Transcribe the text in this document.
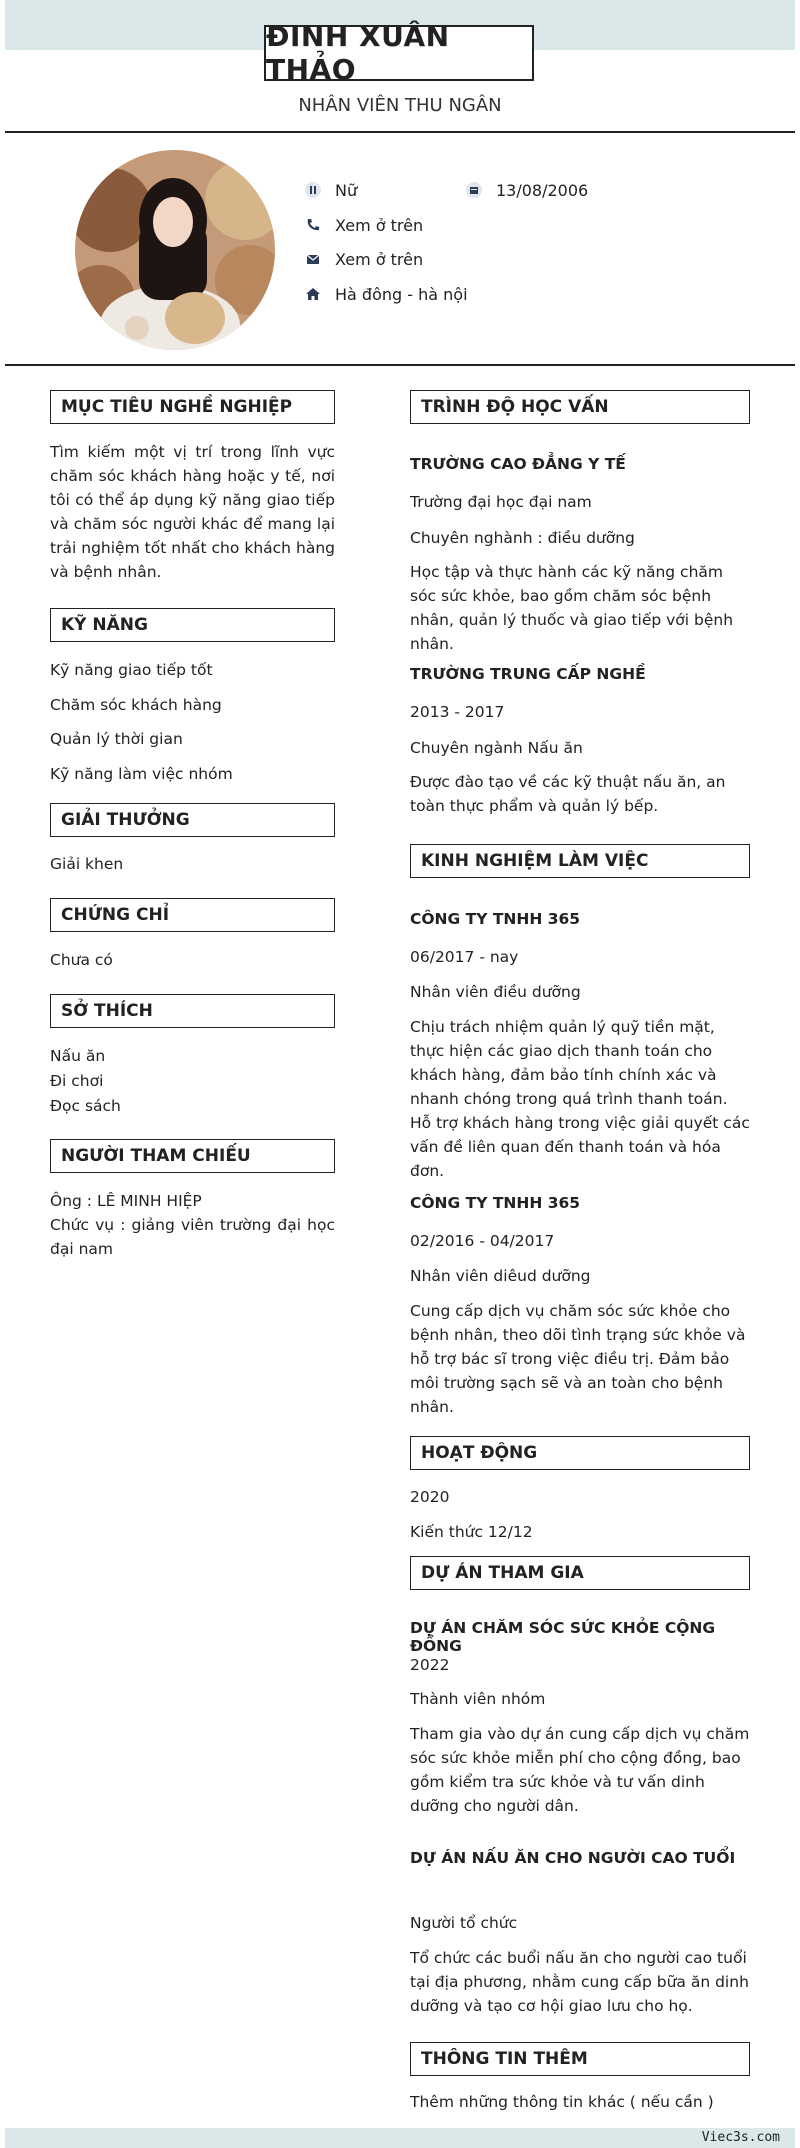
ĐINH XUÂN THẢO
NHÂN VIÊN THU NGÂN
Nữ	13/08/2006
Xem ở trên
Xem ở trên
Hà đông - hà nội
MỤC TIÊU NGHỀ NGHIỆP

Tìm kiếm một vị trí trong lĩnh vực chăm sóc khách hàng hoặc y tế, nơi tôi có thể áp dụng kỹ năng giao tiếp và chăm sóc người khác để mang lại trải nghiệm tốt nhất cho khách hàng và bệnh nhân.

KỸ NĂNG

Kỹ năng giao tiếp tốt

Chăm sóc khách hàng

Quản lý thời gian

Kỹ năng làm việc nhóm

GIẢI THƯỞNG

Giải khen

CHỨNG CHỈ

Chưa có

SỞ THÍCH

Nấu ăn

Đi chơi

Đọc sách

NGƯỜI THAM CHIẾU

Ông : LÊ MINH HIỆP

Chức vụ : giảng viên trường đại học đại nam

TRÌNH ĐỘ HỌC VẤN
TRƯỜNG CAO ĐẲNG Y TẾ

Trường đại học đại nam

Chuyên nghành : điều dưỡng

Học tập và thực hành các kỹ năng chăm sóc sức khỏe, bao gồm chăm sóc bệnh nhân, quản lý thuốc và giao tiếp với bệnh nhân.

TRƯỜNG TRUNG CẤP NGHỀ

2013 - 2017

Chuyên ngành Nấu ăn

Được đào tạo về các kỹ thuật nấu ăn, an toàn thực phẩm và quản lý bếp.

KINH NGHIỆM LÀM VIỆC
CÔNG TY TNHH 365

06/2017 - nay

Nhân viên điều dưỡng

Chịu trách nhiệm quản lý quỹ tiền mặt, thực hiện các giao dịch thanh toán cho khách hàng, đảm bảo tính chính xác và nhanh chóng trong quá trình thanh toán. Hỗ trợ khách hàng trong việc giải quyết các vấn đề liên quan đến thanh toán và hóa đơn.

CÔNG TY TNHH 365

02/2016 - 04/2017

Nhân viên diêud dưỡng

Cung cấp dịch vụ chăm sóc sức khỏe cho bệnh nhân, theo dõi tình trạng sức khỏe và hỗ trợ bác sĩ trong việc điều trị. Đảm bảo môi trường sạch sẽ và an toàn cho bệnh nhân.

HOẠT ĐỘNG

2020

Kiến thức 12/12

DỰ ÁN THAM GIA
DỰ ÁN CHĂM SÓC SỨC KHỎE CỘNG ĐỒNG

2022

Thành viên nhóm

Tham gia vào dự án cung cấp dịch vụ chăm sóc sức khỏe miễn phí cho cộng đồng, bao gồm kiểm tra sức khỏe và tư vấn dinh dưỡng cho người dân.

DỰ ÁN NẤU ĂN CHO NGƯỜI CAO TUỔI

Người tổ chức

Tổ chức các buổi nấu ăn cho người cao tuổi tại địa phương, nhằm cung cấp bữa ăn dinh dưỡng và tạo cơ hội giao lưu cho họ.

THÔNG TIN THÊM

Thêm những thông tin khác ( nếu cần )

Viec3s.com
